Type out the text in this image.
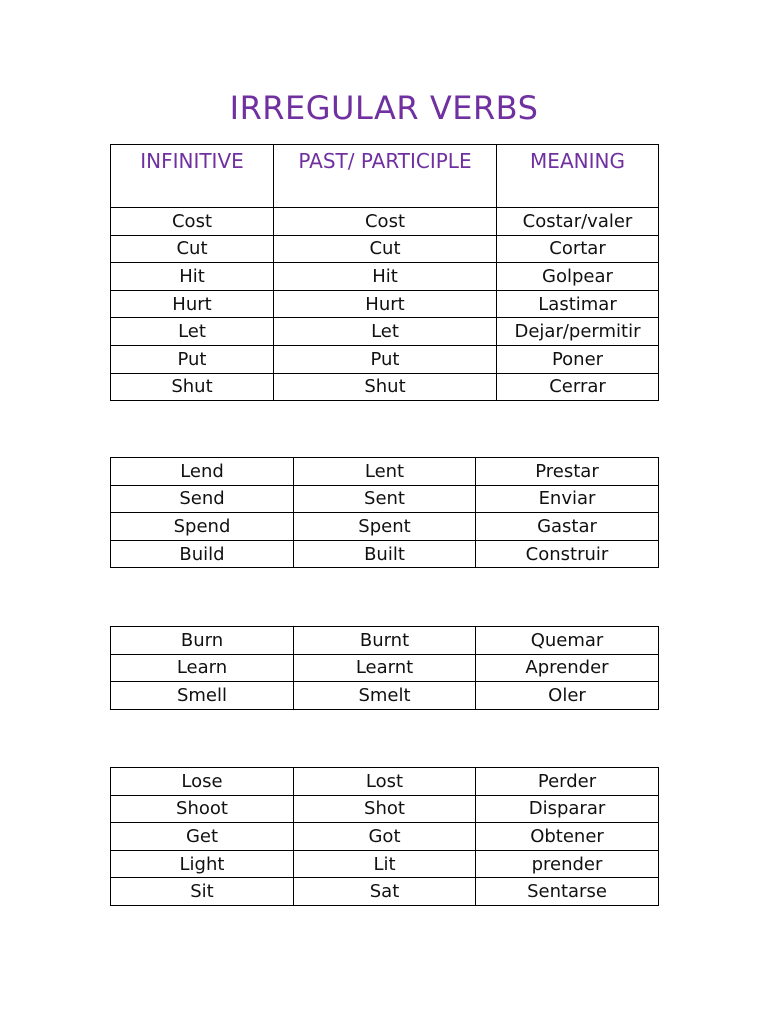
IRREGULAR VERBS
INFINITIVE	PAST/ PARTICIPLE	MEANING
Cost	Cost	Costar/valer
Cut	Cut	Cortar
Hit	Hit	Golpear
Hurt	Hurt	Lastimar
Let	Let	Dejar/permitir
Put	Put	Poner
Shut	Shut	Cerrar
Lend	Lent	Prestar
Send	Sent	Enviar
Spend	Spent	Gastar
Build	Built	Construir
Burn	Burnt	Quemar
Learn	Learnt	Aprender
Smell	Smelt	Oler
Lose	Lost	Perder
Shoot	Shot	Disparar
Get	Got	Obtener
Light	Lit	prender
Sit	Sat	Sentarse
